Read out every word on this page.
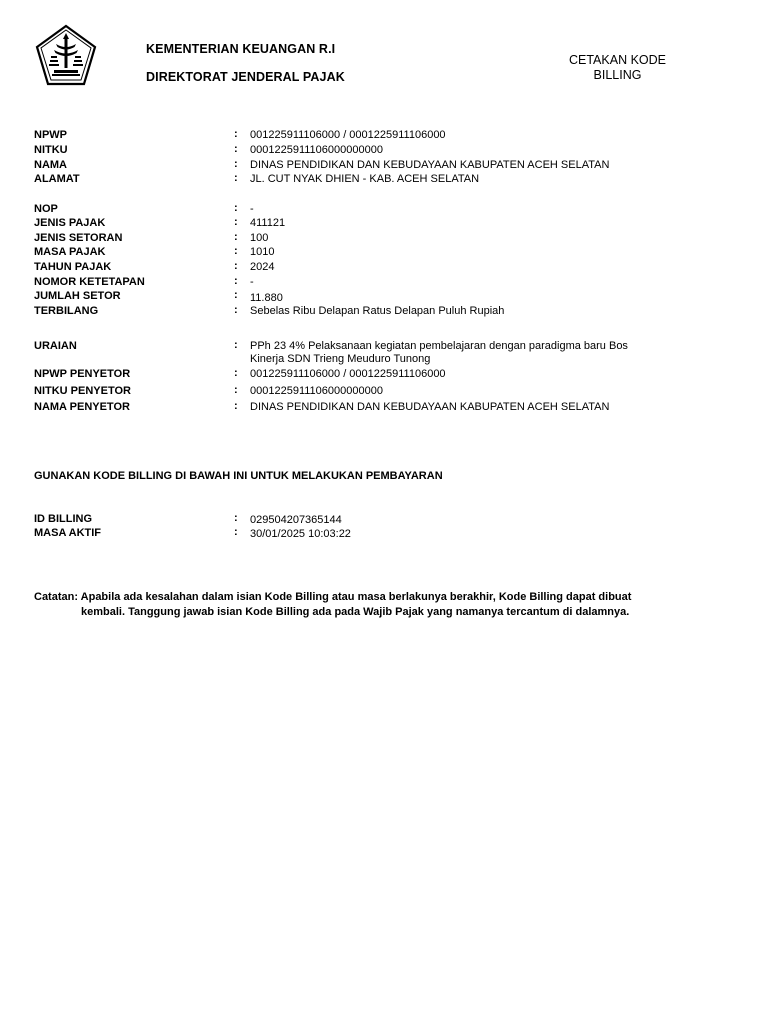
KEMENTERIAN KEUANGAN R.I
DIREKTORAT JENDERAL PAJAK
CETAKAN KODE
BILLING
NPWP	: 001225911106000 / 0001225911106000
NITKU	: 0001225911106000000000
NAMA	: DINAS PENDIDIKAN DAN KEBUDAYAAN KABUPATEN ACEH SELATAN
ALAMAT	: JL. CUT NYAK DHIEN - KAB. ACEH SELATAN
NOP	: -
JENIS PAJAK	: 411121
JENIS SETORAN	: 100
MASA PAJAK	: 1010
TAHUN PAJAK	: 2024
NOMOR KETETAPAN	: -
JUMLAH SETOR	: 11.880
TERBILANG	: Sebelas Ribu Delapan Ratus Delapan Puluh Rupiah
URAIAN	: PPh 23 4% Pelaksanaan kegiatan pembelajaran dengan paradigma baru Bos Kinerja SDN Trieng Meuduro Tunong
NPWP PENYETOR	: 001225911106000 / 0001225911106000
NITKU PENYETOR	: 0001225911106000000000
NAMA PENYETOR	: DINAS PENDIDIKAN DAN KEBUDAYAAN KABUPATEN ACEH SELATAN
GUNAKAN KODE BILLING DI BAWAH INI UNTUK MELAKUKAN PEMBAYARAN
ID BILLING	: 029504207365144
MASA AKTIF	: 30/01/2025 10:03:22
Catatan: Apabila ada kesalahan dalam isian Kode Billing atau masa berlakunya berakhir, Kode Billing dapat dibuat
kembali. Tanggung jawab isian Kode Billing ada pada Wajib Pajak yang namanya tercantum di dalamnya.
